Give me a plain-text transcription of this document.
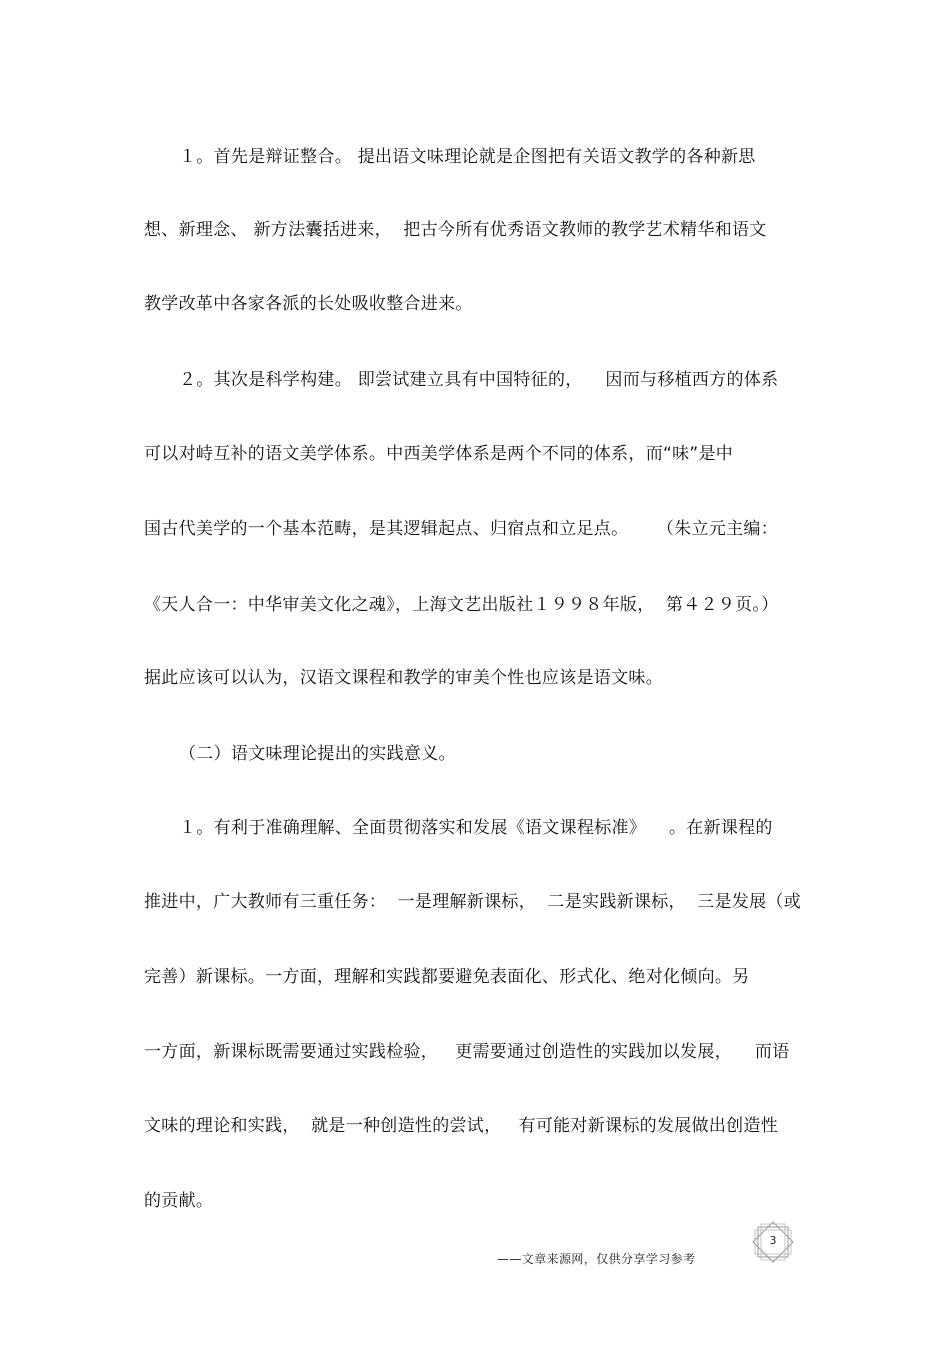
１。首先是辩证整合。 提出语文味理论就是企图把有关语文教学的各种新思
想、新理念、 新方法囊括进来，  把古今所有优秀语文教师的教学艺术精华和语文
教学改革中各家各派的长处吸收整合进来。
２。其次是科学构建。 即尝试建立具有中国特征的，    因而与移植西方的体系
可以对峙互补的语文美学体系。中西美学体系是两个不同的体系，而“味”是中
国古代美学的一个基本范畴，是其逻辑起点、归宿点和立足点。     （朱立元主编：
《天人合一：中华审美文化之魂》，上海文艺出版社１９９８年版，  第４２９页。）
据此应该可以认为，汉语文课程和教学的审美个性也应该是语文味。
（二）语文味理论提出的实践意义。
１。有利于准确理解、全面贯彻落实和发展《语文课程标准》    。在新课程的
推进中，广大教师有三重任务：  一是理解新课标，  二是实践新课标，  三是发展（或
完善）新课标。一方面，理解和实践都要避免表面化、形式化、绝对化倾向。另
一方面，新课标既需要通过实践检验，   更需要通过创造性的实践加以发展，    而语
文味的理论和实践，  就是一种创造性的尝试，   有可能对新课标的发展做出创造性
的贡献。
——文章来源网，仅供分享学习参考
3
